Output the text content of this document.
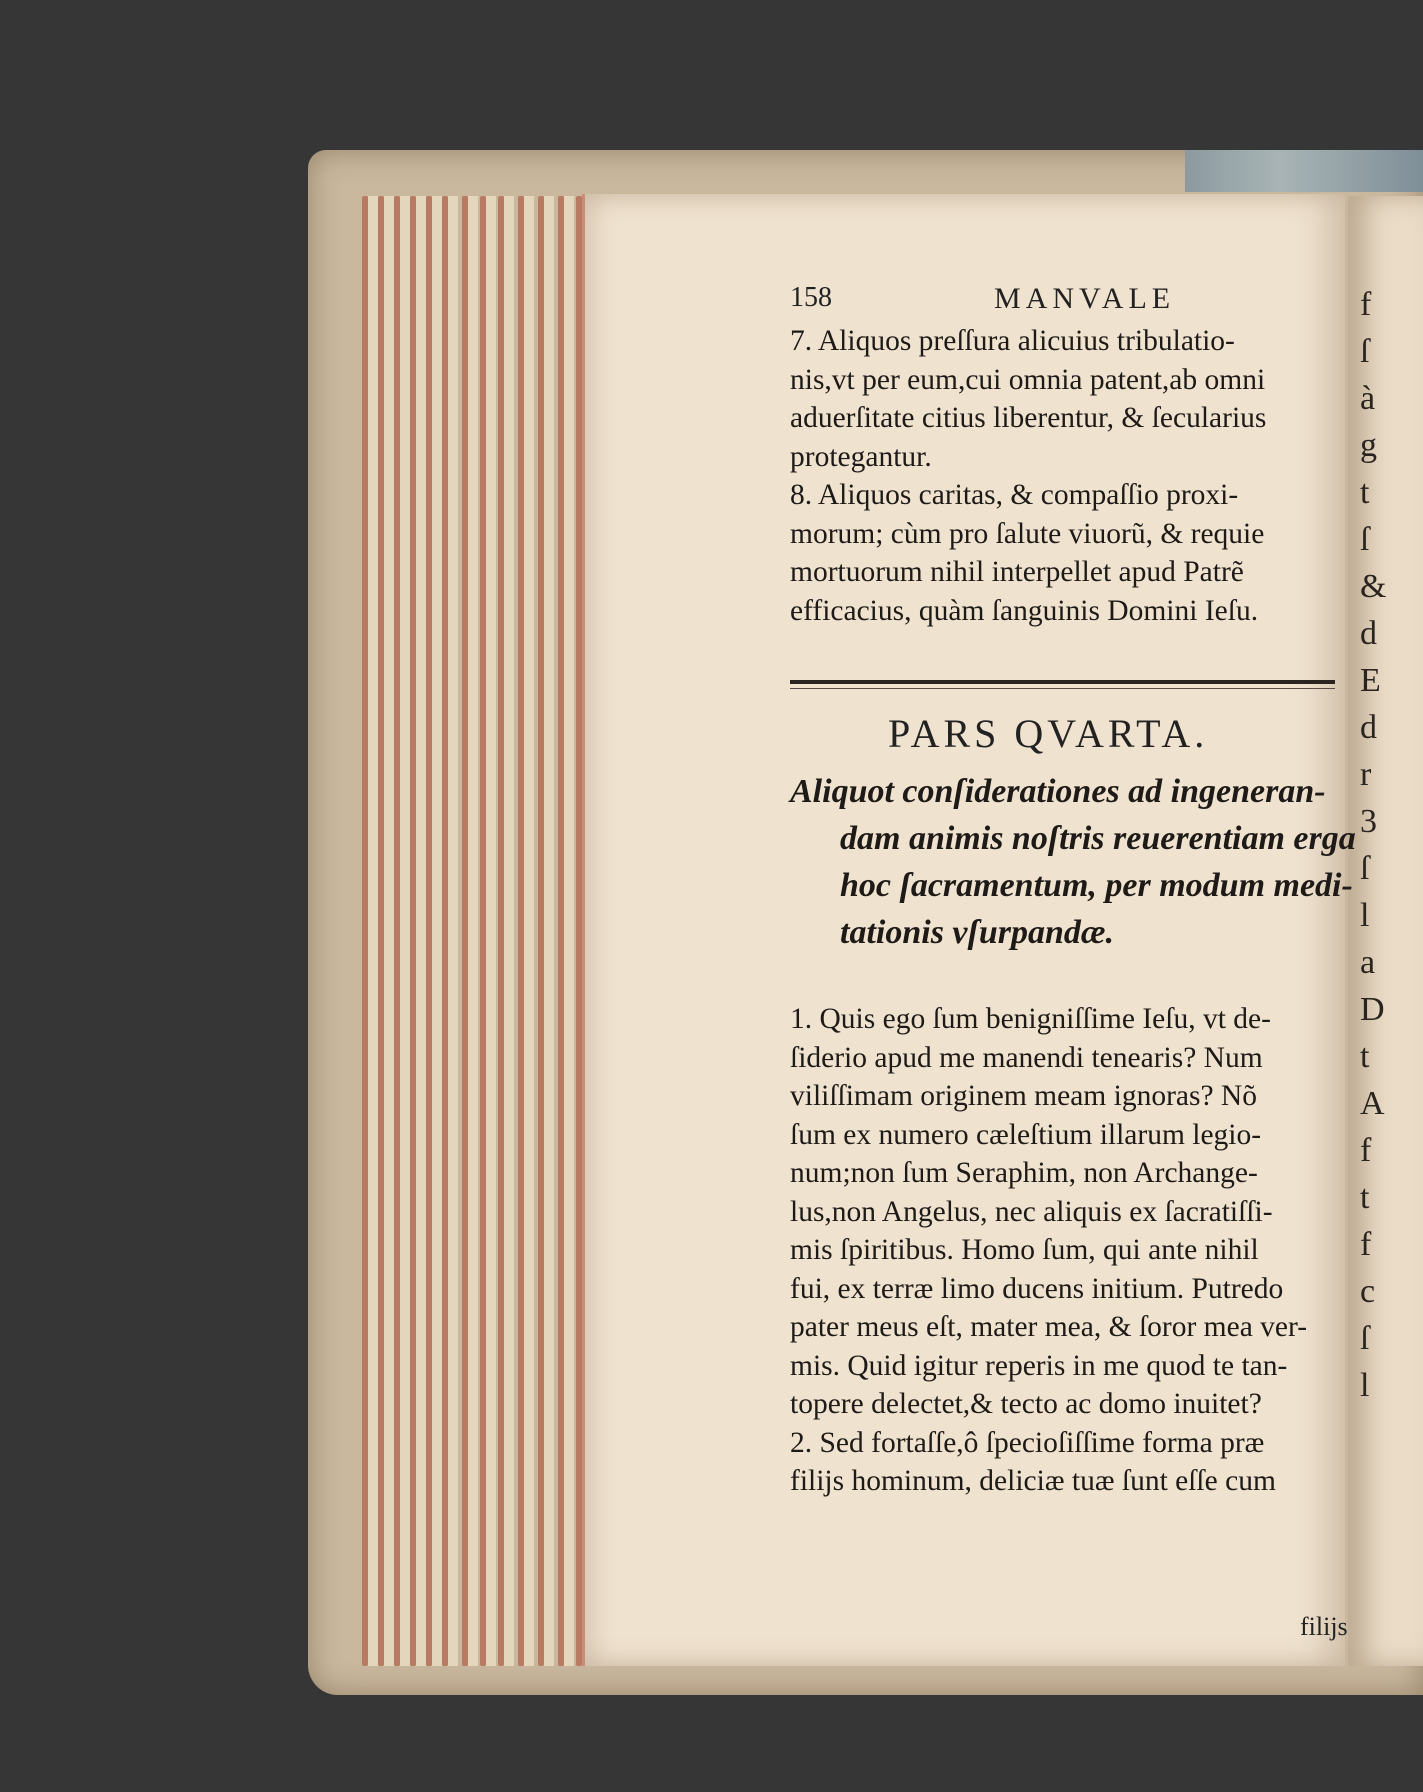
f
ſ
à
g
t
ſ
&
d
E
d
r
3
ſ
l
a
D
t
A
f
t
f
c
ſ
l
158	MANVALE
7. Aliquos preſſura alicuius tribulatio-
nis,vt per eum,cui omnia patent,ab omni
aduerſitate citius liberentur, & ſecularius
protegantur.
8. Aliquos caritas, & compaſſio proxi-
morum; cùm pro ſalute viuorũ, & requie
mortuorum nihil interpellet apud Patrẽ
efficacius, quàm ſanguinis Domini Ieſu.
PARS QVARTA.
Aliquot conſiderationes ad ingeneran-
dam animis noſtris reuerentiam erga
hoc ſacramentum, per modum medi-
tationis vſurpandæ.
1. Quis ego ſum benigniſſime Ieſu, vt de-
ſiderio apud me manendi tenearis? Num
viliſſimam originem meam ignoras? Nõ
ſum ex numero cæleſtium illarum legio-
num;non ſum Seraphim, non Archange-
lus,non Angelus, nec aliquis ex ſacratiſſi-
mis ſpiritibus. Homo ſum, qui ante nihil
fui, ex terræ limo ducens initium. Putredo
pater meus eſt, mater mea, & ſoror mea ver-
mis. Quid igitur reperis in me quod te tan-
topere delectet,& tecto ac domo inuitet?
2. Sed fortaſſe,ô ſpecioſiſſime forma præ
filijs hominum, deliciæ tuæ ſunt eſſe cum
filijs
